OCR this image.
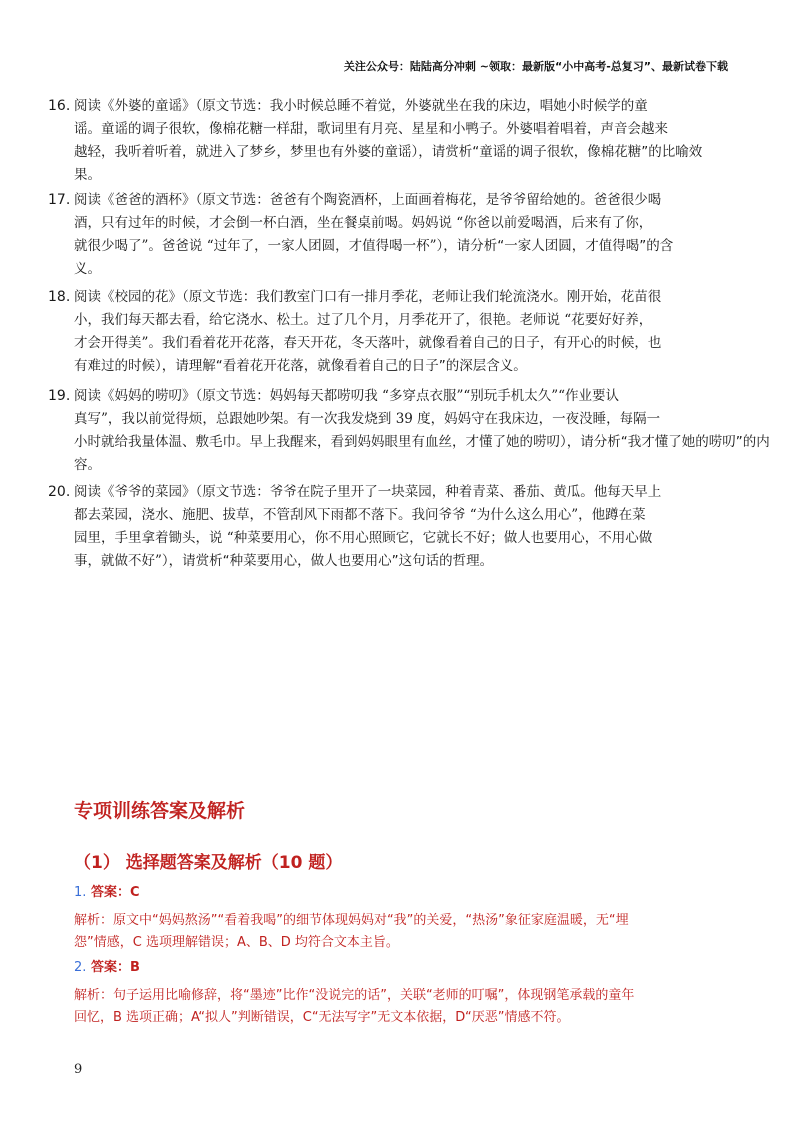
关注公众号：陆陆高分冲刺 ~领取：最新版“小中高考-总复习”、最新试卷下载
16. 阅读《外婆的童谣》（原文节选：我小时候总睡不着觉，外婆就坐在我的床边，唱她小时候学的童
谣。童谣的调子很软，像棉花糖一样甜，歌词里有月亮、星星和小鸭子。外婆唱着唱着，声音会越来
越轻，我听着听着，就进入了梦乡，梦里也有外婆的童谣），请赏析“童谣的调子很软，像棉花糖”的比喻效
果。
17. 阅读《爸爸的酒杯》（原文节选：爸爸有个陶瓷酒杯，上面画着梅花，是爷爷留给她的。爸爸很少喝
酒，只有过年的时候，才会倒一杯白酒，坐在餐桌前喝。妈妈说 “你爸以前爱喝酒，后来有了你，
就很少喝了”。爸爸说 “过年了，一家人团圆，才值得喝一杯”），请分析“一家人团圆，才值得喝”的含
义。
18. 阅读《校园的花》（原文节选：我们教室门口有一排月季花，老师让我们轮流浇水。刚开始，花苗很
小，我们每天都去看，给它浇水、松土。过了几个月，月季花开了，很艳。老师说 “花要好好养，
才会开得美”。我们看着花开花落，春天开花，冬天落叶，就像看着自己的日子，有开心的时候，也
有难过的时候），请理解“看着花开花落，就像看着自己的日子”的深层含义。
19. 阅读《妈妈的唠叨》（原文节选：妈妈每天都唠叨我 “多穿点衣服”“别玩手机太久”“作业要认
真写”，我以前觉得烦，总跟她吵架。有一次我发烧到 39 度，妈妈守在我床边，一夜没睡，每隔一
小时就给我量体温、敷毛巾。早上我醒来，看到妈妈眼里有血丝，才懂了她的唠叨），请分析“我才懂了她的唠叨”的内
容。
20. 阅读《爷爷的菜园》（原文节选：爷爷在院子里开了一块菜园，种着青菜、番茄、黄瓜。他每天早上
都去菜园，浇水、施肥、拔草，不管刮风下雨都不落下。我问爷爷 “为什么这么用心”，他蹲在菜
园里，手里拿着锄头，说 “种菜要用心，你不用心照顾它，它就长不好；做人也要用心，不用心做
事，就做不好”），请赏析“种菜要用心，做人也要用心”这句话的哲理。
专项训练答案及解析
（1） 选择题答案及解析（10 题）
1. 答案：C
解析：原文中“妈妈熬汤”“看着我喝”的细节体现妈妈对“我”的关爱，“热汤”象征家庭温暖，无“埋
怨”情感，C 选项理解错误；A、B、D 均符合文本主旨。
2. 答案：B
解析：句子运用比喻修辞，将“墨迹”比作“没说完的话”，关联“老师的叮嘱”，体现钢笔承载的童年
回忆，B 选项正确；A“拟人”判断错误，C“无法写字”无文本依据，D“厌恶”情感不符。
9
